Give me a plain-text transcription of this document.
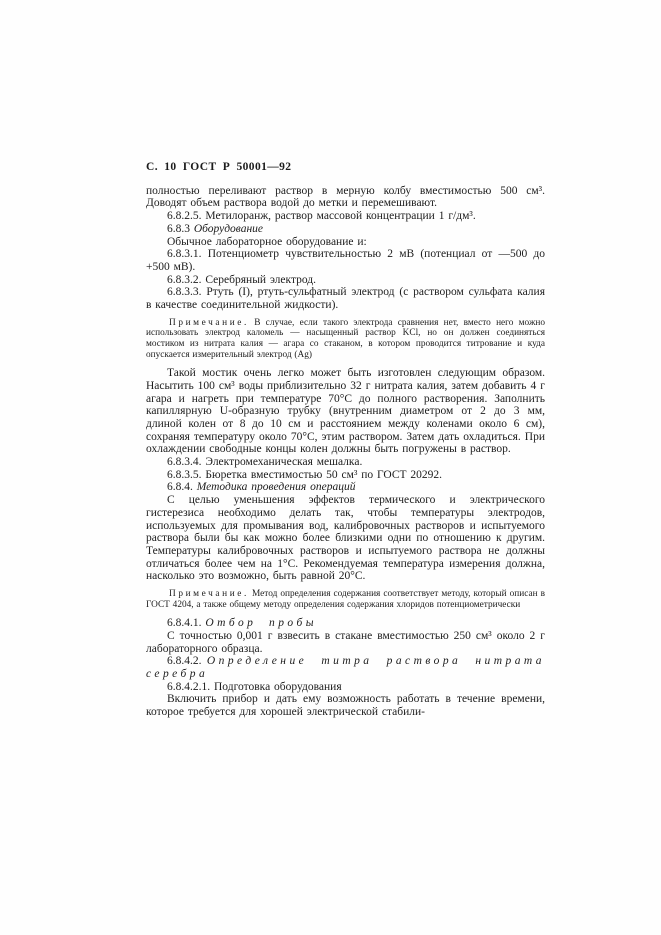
С. 10 ГОСТ Р 50001—92

полностью переливают раствор в мерную колбу вместимостью 500 см³. Доводят объем раствора водой до метки и перемешивают.

6.8.2.5. Метилоранж, раствор массовой концентрации 1 г/дм³.

6.8.3 Оборудование

Обычное лабораторное оборудование и:

6.8.3.1. Потенциометр чувствительностью 2 мВ (потенциал от —500 до +500 мВ).

6.8.3.2. Серебряный электрод.

6.8.3.3. Ртуть (I), ртуть-сульфатный электрод (с раствором сульфата калия в качестве соединительной жидкости).

Примечание. В случае, если такого электрода сравнения нет, вместо него можно использовать электрод каломель — насыщенный раствор KCl, но он должен соединяться мостиком из нитрата калия — агара со стаканом, в котором проводится титрование и куда опускается измерительный электрод (Ag)

Такой мостик очень легко может быть изготовлен следующим образом. Насытить 100 см³ воды приблизительно 32 г нитрата калия, затем добавить 4 г агара и нагреть при температуре 70°С до полного растворения. Заполнить капиллярную U-образную трубку (внутренним диаметром от 2 до 3 мм, длиной колен от 8 до 10 см и расстоянием между коленами около 6 см), сохраняя температуру около 70°С, этим раствором. Затем дать охладиться. При охлаждении свободные концы колен должны быть погружены в раствор.

6.8.3.4. Электромеханическая мешалка.

6.8.3.5. Бюретка вместимостью 50 см³ по ГОСТ 20292.

6.8.4. Методика проведения операций

С целью уменьшения эффектов термического и электрического гистерезиса необходимо делать так, чтобы температуры электродов, используемых для промывания вод, калибровочных растворов и испытуемого раствора были бы как можно более близкими одни по отношению к другим. Температуры калибровочных растворов и испытуемого раствора не должны отличаться более чем на 1°С. Рекомендуемая температура измерения должна, насколько это возможно, быть равной 20°С.

Примечание. Метод определения содержания соответствует методу, который описан в ГОСТ 4204, а также общему методу определения содержания хлоридов потенциометрически

6.8.4.1. Отбор пробы

С точностью 0,001 г взвесить в стакане вместимостью 250 см³ около 2 г лабораторного образца.

6.8.4.2. Определение титра раствора нитрата серебра

6.8.4.2.1. Подготовка оборудования

Включить прибор и дать ему возможность работать в течение времени, которое требуется для хорошей электрической стабили-
